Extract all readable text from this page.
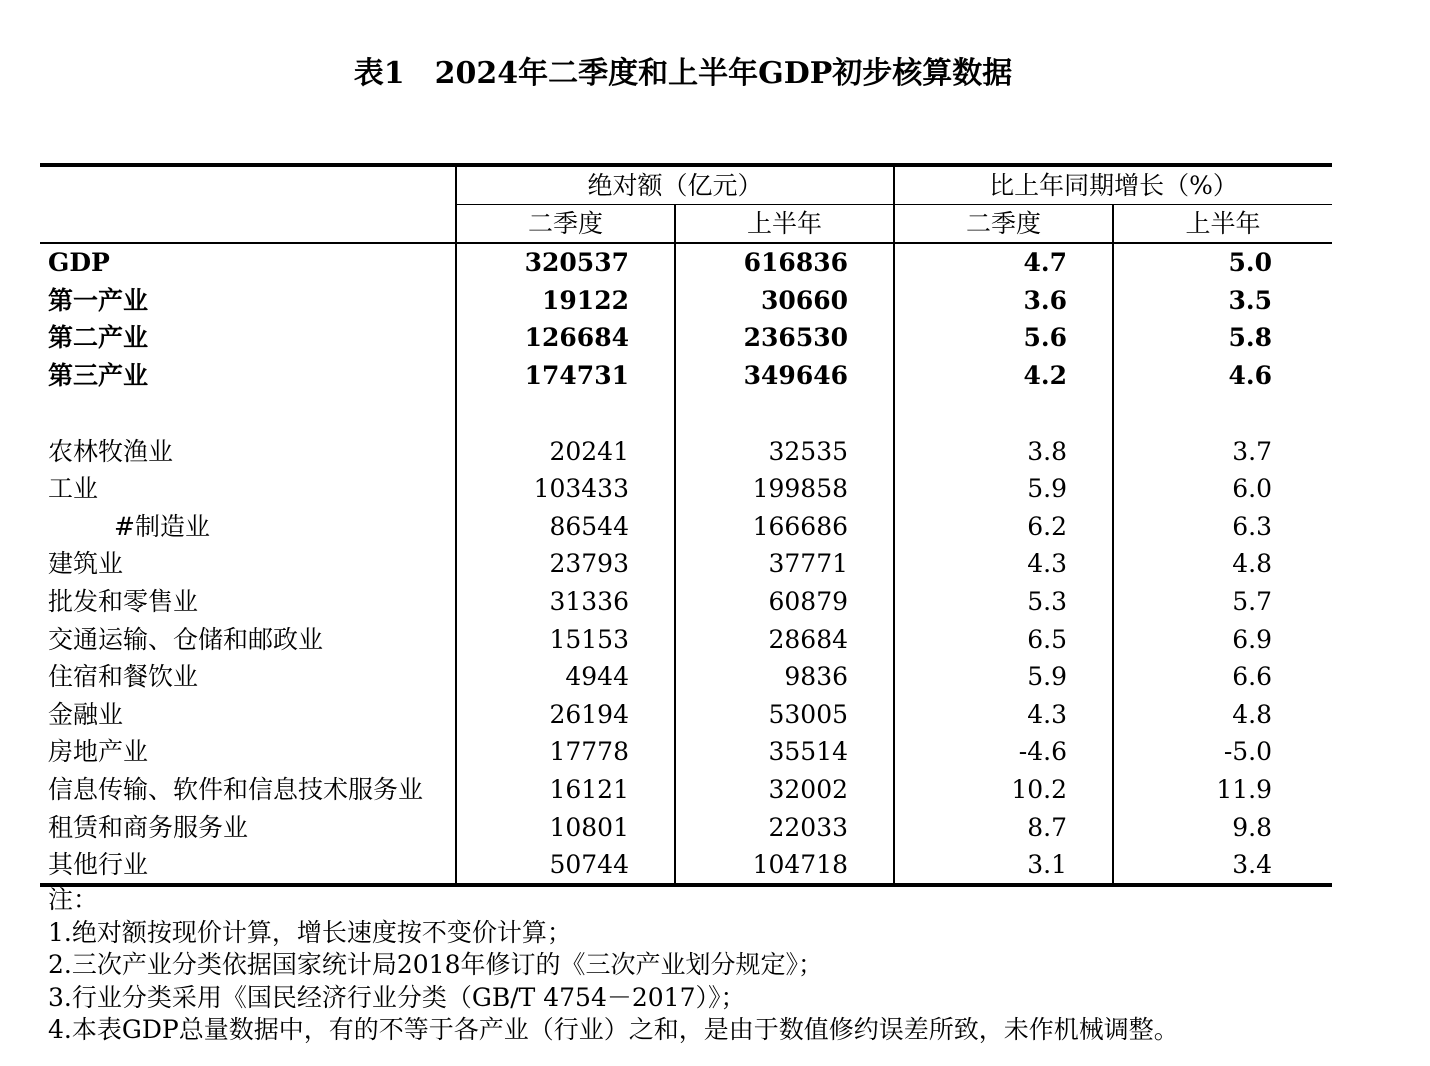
表1　2024年二季度和上半年GDP初步核算数据
	绝对额（亿元）		比上年同期增长（%）	
	二季度	上半年	二季度	上半年
GDP	320537	616836	4.7	5.0
第一产业	19122	30660	3.6	3.5
第二产业	126684	236530	5.6	5.8
第三产业	174731	349646	4.2	4.6

农林牧渔业	20241	32535	3.8	3.7
工业	103433	199858	5.9	6.0
#制造业	86544	166686	6.2	6.3
建筑业	23793	37771	4.3	4.8
批发和零售业	31336	60879	5.3	5.7
交通运输、仓储和邮政业	15153	28684	6.5	6.9
住宿和餐饮业	4944	9836	5.9	6.6
金融业	26194	53005	4.3	4.8
房地产业	17778	35514	-4.6	-5.0
信息传输、软件和信息技术服务业	16121	32002	10.2	11.9
租赁和商务服务业	10801	22033	8.7	9.8
其他行业	50744	104718	3.1	3.4
注：
1.绝对额按现价计算，增长速度按不变价计算；
2.三次产业分类依据国家统计局2018年修订的《三次产业划分规定》；
3.行业分类采用《国民经济行业分类（GB/T 4754－2017）》；
4.本表GDP总量数据中，有的不等于各产业（行业）之和，是由于数值修约误差所致，未作机械调整。
